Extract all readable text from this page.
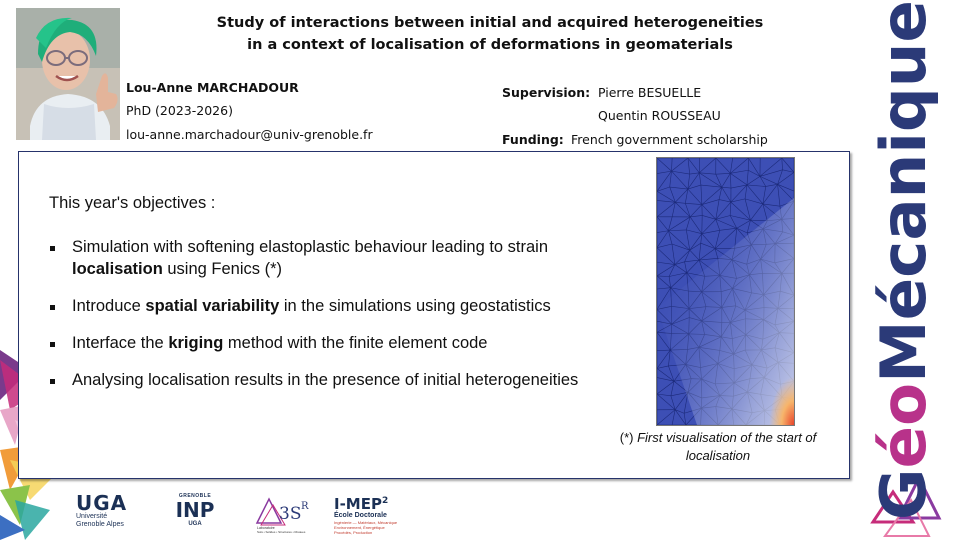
Study of interactions between initial and acquired heterogeneities
in a context of localisation of deformations in geomaterials
Lou-Anne MARCHADOUR
PhD (2023-2026)
lou-anne.marchadour@univ-grenoble.fr
Supervision: Pierre BESUELLE
Quentin ROUSSEAU
Funding: French government scholarship
This year's objectives :
Simulation with softening elastoplastic behaviour leading to strain localisation using Fenics (*)
Introduce spatial variability in the simulations using geostatistics
Interface the kriging method with the finite element code
Analysing localisation results in the presence of initial heterogeneities
(*) First visualisation of the start of localisation
GéoMécanique
UGA
Université
Grenoble Alpes
GRENOBLE
INP
UGA	3S R
Laboratoire
Sols • Solides • Structures • Risques
I-MEP$^2$
École Doctorale
Ingénierie — Matériaux, Mécanique
Environnement, Énergétique
Procédés, Production
